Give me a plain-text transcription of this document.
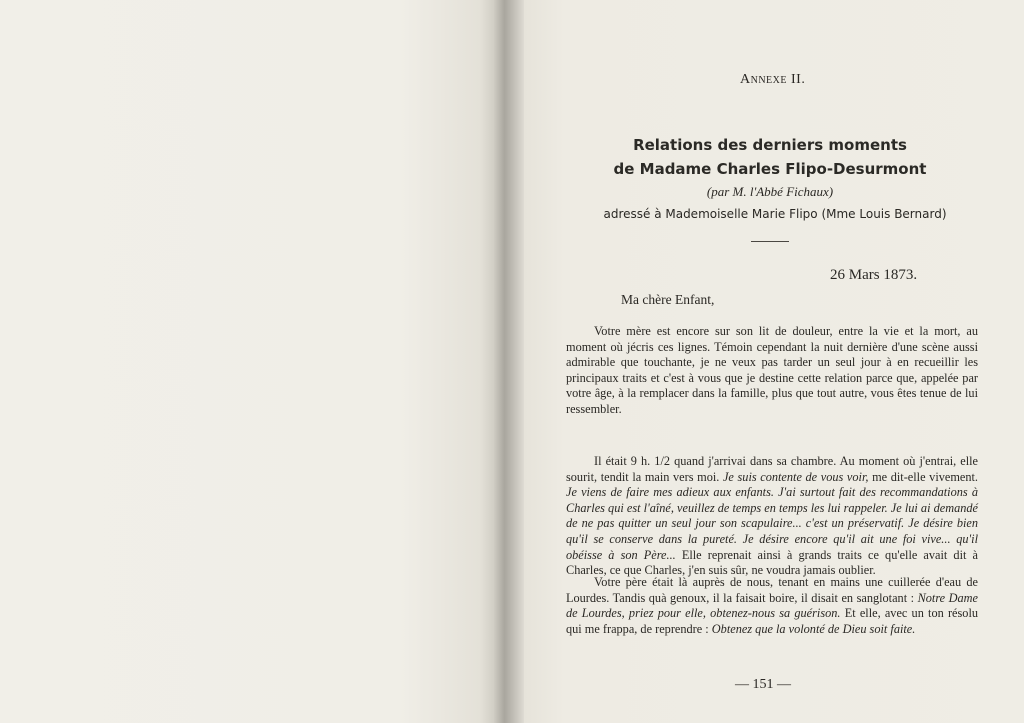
Annexe II.
Relations des derniers moments
de Madame Charles Flipo-Desurmont
(par M. l'Abbé Fichaux)
adressé à Mademoiselle Marie Flipo (Mme Louis Bernard)
26 Mars 1873.
Ma chère Enfant,
Votre mère est encore sur son lit de douleur, entre la vie et la mort, au moment où jécris ces lignes. Témoin cependant la nuit dernière d'une scène aussi admirable que touchante, je ne veux pas tarder un seul jour à en recueillir les principaux traits et c'est à vous que je destine cette relation parce que, appelée par votre âge, à la remplacer dans la famille, plus que tout autre, vous êtes tenue de lui ressembler.
Il était 9 h. 1/2 quand j'arrivai dans sa chambre. Au moment où j'entrai, elle sourit, tendit la main vers moi. Je suis contente de vous voir, me dit-elle vivement. Je viens de faire mes adieux aux enfants. J'ai surtout fait des recommandations à Charles qui est l'aîné, veuillez de temps en temps les lui rappeler. Je lui ai demandé de ne pas quitter un seul jour son scapulaire... c'est un préservatif. Je désire bien qu'il se conserve dans la pureté. Je désire encore qu'il ait une foi vive... qu'il obéisse à son Père... Elle reprenait ainsi à grands traits ce qu'elle avait dit à Charles, ce que Charles, j'en suis sûr, ne voudra jamais oublier.
Votre père était là auprès de nous, tenant en mains une cuillerée d'eau de Lourdes. Tandis quà genoux, il la faisait boire, il disait en sanglotant : Notre Dame de Lourdes, priez pour elle, obtenez-nous sa guérison. Et elle, avec un ton résolu qui me frappa, de reprendre : Obtenez que la volonté de Dieu soit faite.
— 151 —
